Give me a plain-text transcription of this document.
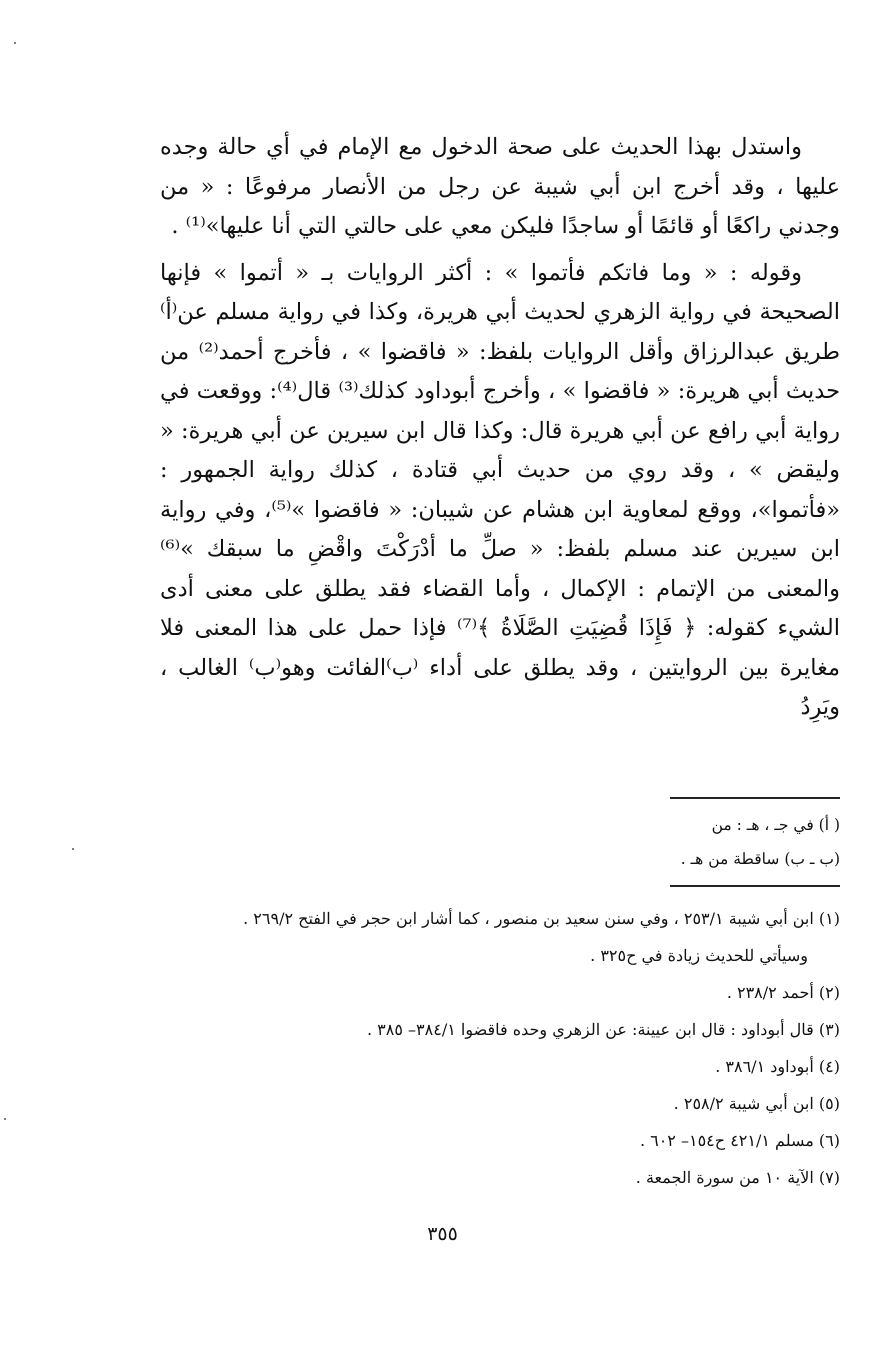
واستدل بهذا الحديث على صحة الدخول مع الإمام في أي حالة وجده عليها ، وقد أخرج ابن أبي شيبة عن رجل من الأنصار مرفوعًا : « من وجدني راكعًا أو قائمًا أو ساجدًا فليكن معي على حالتي التي أنا عليها»⁽¹⁾ .

وقوله : « وما فاتكم فأتموا » : أكثر الروايات بـ « أتموا » فإنها الصحيحة في رواية الزهري لحديث أبي هريرة، وكذا في رواية مسلم عن⁽أ⁾ طريق عبدالرزاق وأقل الروايات بلفظ: « فاقضوا » ، فأخرج أحمد⁽²⁾ من حديث أبي هريرة: « فاقضوا » ، وأخرج أبوداود كذلك⁽³⁾ قال⁽⁴⁾: ووقعت في رواية أبي رافع عن أبي هريرة قال: وكذا قال ابن سيرين عن أبي هريرة: « وليقض » ، وقد روي من حديث أبي قتادة ، كذلك رواية الجمهور : «فأتموا»، ووقع لمعاوية ابن هشام عن شيبان: « فاقضوا »⁽⁵⁾، وفي رواية ابن سيرين عند مسلم بلفظ: « صلِّ ما أدْرَكْتَ واقْضِ ما سبقك »⁽⁶⁾ والمعنى من الإتمام : الإكمال ، وأما القضاء فقد يطلق على معنى أدى الشيء كقوله: ﴿ فَإِذَا قُضِيَتِ الصَّلَاةُ ﴾⁽⁷⁾ فإذا حمل على هذا المعنى فلا مغايرة بين الروايتين ، وقد يطلق على أداء ⁽ب⁾الفائت وهو⁽ب⁾ الغالب ، ويَرِدُ

( أ) في جـ ، هـ : من
(ب ـ ب) ساقطة من هـ .
(١) ابن أبي شيبة ٢٥٣/١ ، وفي سنن سعيد بن منصور ، كما أشار ابن حجر في الفتح ٢٦٩/٢ .
وسيأتي للحديث زيادة في ح٣٢٥ .
(٢) أحمد ٢٣٨/٢ .
(٣) قال أبوداود : قال ابن عيينة: عن الزهري وحده فاقضوا ٣٨٤/١– ٣٨٥ .
(٤) أبوداود ٣٨٦/١ .
(٥) ابن أبي شيبة ٢٥٨/٢ .
(٦) مسلم ٤٢١/١ ح١٥٤– ٦٠٢ .
(٧) الآية ١٠ من سورة الجمعة .
٣٥٥
